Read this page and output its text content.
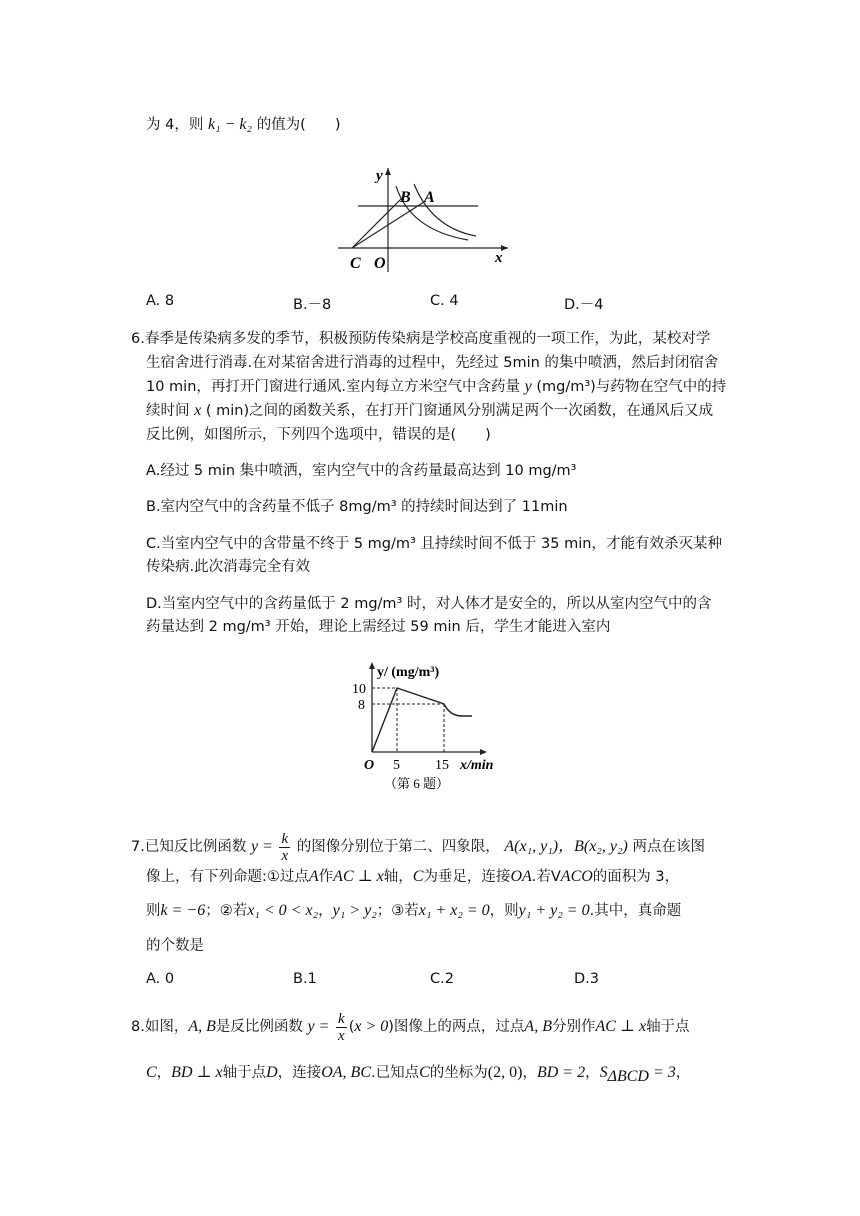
为 4，则 k₁ − k₂ 的值为(　　)
y
B A
C O	x
A. 8	B.－8	C. 4	D.－4
6.春季是传染病多发的季节，积极预防传染病是学校高度重视的一项工作，为此，某校对学
生宿舍进行消毒.在对某宿舍进行消毒的过程中，先经过 5min 的集中喷洒，然后封闭宿舍
10 min，再打开门窗进行通风.室内每立方米空气中含药量 y (mg/m³)与药物在空气中的持
续时间 x ( min)之间的函数关系，在打开门窗通风分别满足两个一次函数，在通风后又成
反比例，如图所示，下列四个选项中，错误的是(　　)
A.经过 5 min 集中喷洒，室内空气中的含药量最高达到 10 mg/m³
B.室内空气中的含药量不低子 8mg/m³ 的持续时间达到了 11min
C.当室内空气中的含带量不终于 5 mg/m³ 且持续时间不低于 35 min，才能有效杀灭某种
传染病.此次消毒完全有效
D.当室内空气中的含药量低于 2 mg/m³ 时，对人体才是安全的，所以从室内空气中的含
药量达到 2 mg/m³ 开始，理论上需经过 59 min 后，学生才能进入室内
y/ (mg/m³)
10
8
O 5	15 x/min
（第 6 题）
7.已知反比例函数 $y = \frac{k}{x}$ 的图像分别位于第二、四象限， A(x₁, y₁)，B(x₂, y₂) 两点在该图
像上，有下列命题:①过点A作AC ⊥ x轴，C为垂足，连接OA.若VACO的面积为 3，
则k = −6；②若x₁ < 0 < x₂，y₁ > y₂；③若x₁ + x₂ = 0，则y₁ + y₂ = 0.其中，真命题
的个数是
A. 0	B.1	C.2	D.3
8.如图，A, B是反比例函数 $y = \frac{k}{x} (x > 0)$图像上的两点，过点A, B分别作AC ⊥ x轴于点
C，BD ⊥ x轴于点D，连接OA, BC.已知点C的坐标为(2, 0)，BD = 2，$S_{\Delta BCD} = 3$，
